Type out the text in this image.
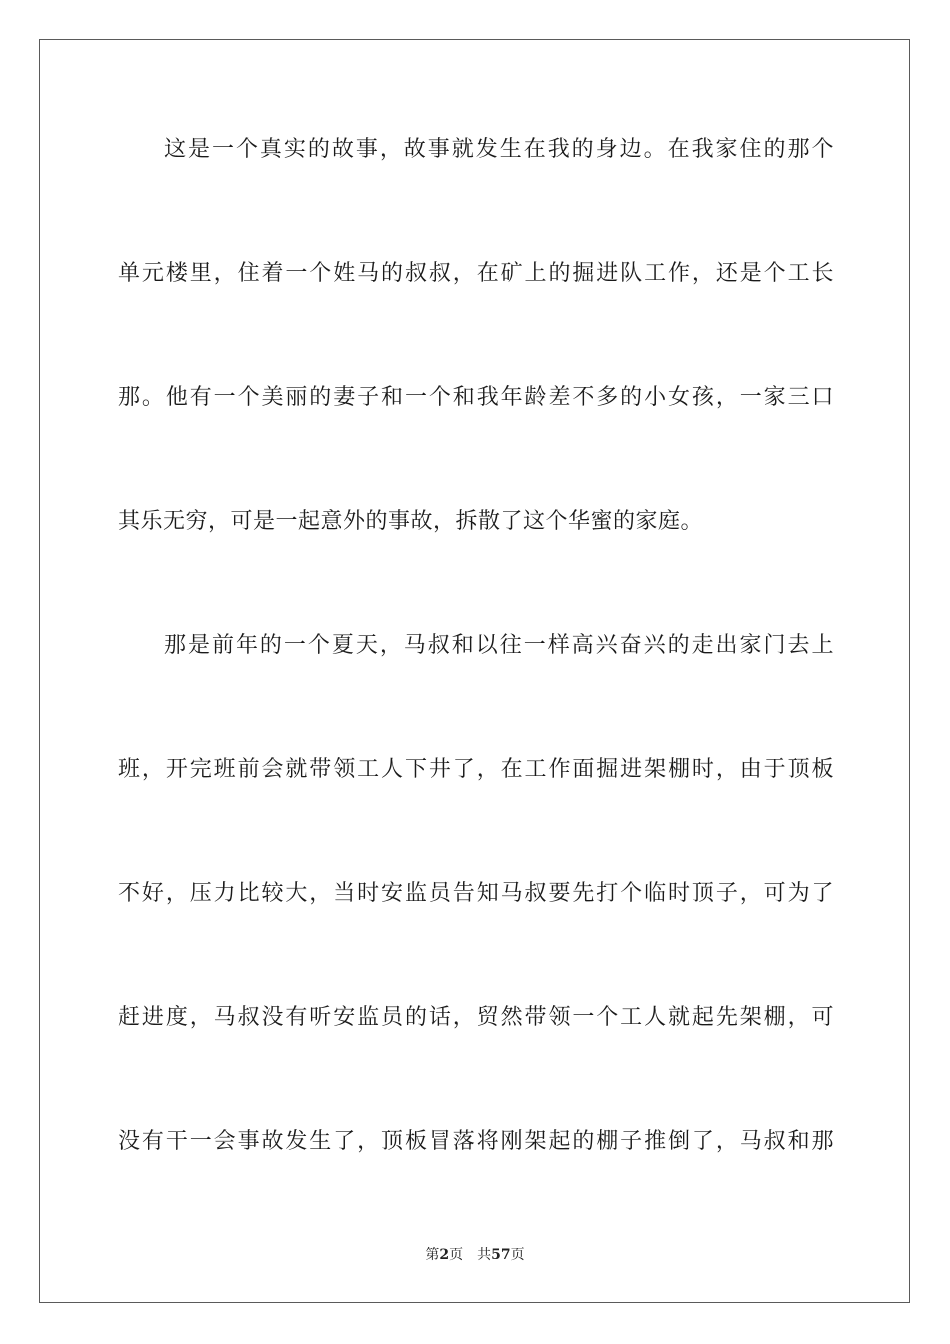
这是一个真实的故事，故事就发生在我的身边。在我家住的那个
单元楼里，住着一个姓马的叔叔，在矿上的掘进队工作，还是个工长
那。他有一个美丽的妻子和一个和我年龄差不多的小女孩，一家三口
其乐无穷，可是一起意外的事故，拆散了这个华蜜的家庭。
那是前年的一个夏天，马叔和以往一样高兴奋兴的走出家门去上
班，开完班前会就带领工人下井了，在工作面掘进架棚时，由于顶板
不好，压力比较大，当时安监员告知马叔要先打个临时顶子，可为了
赶进度，马叔没有听安监员的话，贸然带领一个工人就起先架棚，可
没有干一会事故发生了，顶板冒落将刚架起的棚子推倒了，马叔和那
第2页 共57页
